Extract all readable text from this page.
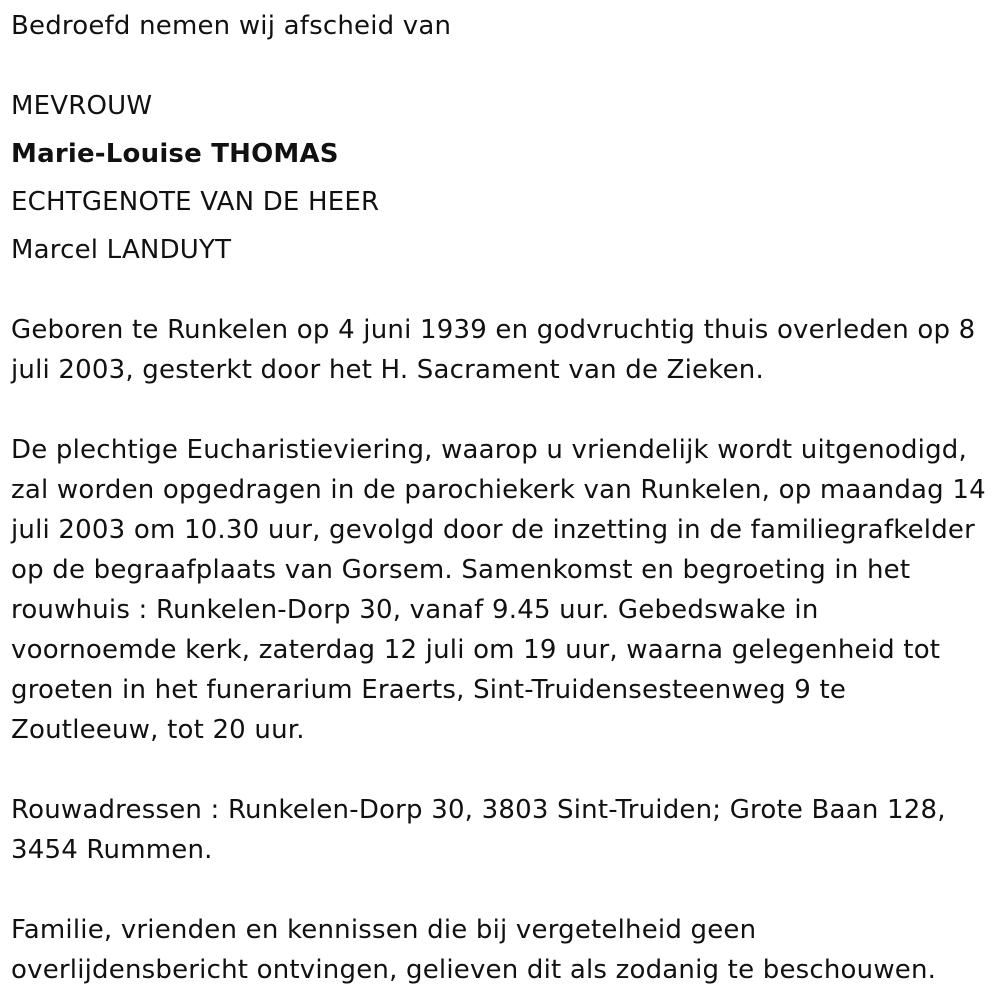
Bedroefd nemen wij afscheid van
MEVROUW
Marie-Louise THOMAS
ECHTGENOTE VAN DE HEER
Marcel LANDUYT
Geboren te Runkelen op 4 juni 1939 en godvruchtig thuis overleden op 8
juli 2003, gesterkt door het H. Sacrament van de Zieken.
De plechtige Eucharistieviering, waarop u vriendelijk wordt uitgenodigd,
zal worden opgedragen in de parochiekerk van Runkelen, op maandag 14
juli 2003 om 10.30 uur, gevolgd door de inzetting in de familiegrafkelder
op de begraafplaats van Gorsem. Samenkomst en begroeting in het
rouwhuis : Runkelen-Dorp 30, vanaf 9.45 uur. Gebedswake in
voornoemde kerk, zaterdag 12 juli om 19 uur, waarna gelegenheid tot
groeten in het funerarium Eraerts, Sint-Truidensesteenweg 9 te
Zoutleeuw, tot 20 uur.
Rouwadressen : Runkelen-Dorp 30, 3803 Sint-Truiden; Grote Baan 128,
3454 Rummen.
Familie, vrienden en kennissen die bij vergetelheid geen
overlijdensbericht ontvingen, gelieven dit als zodanig te beschouwen.
